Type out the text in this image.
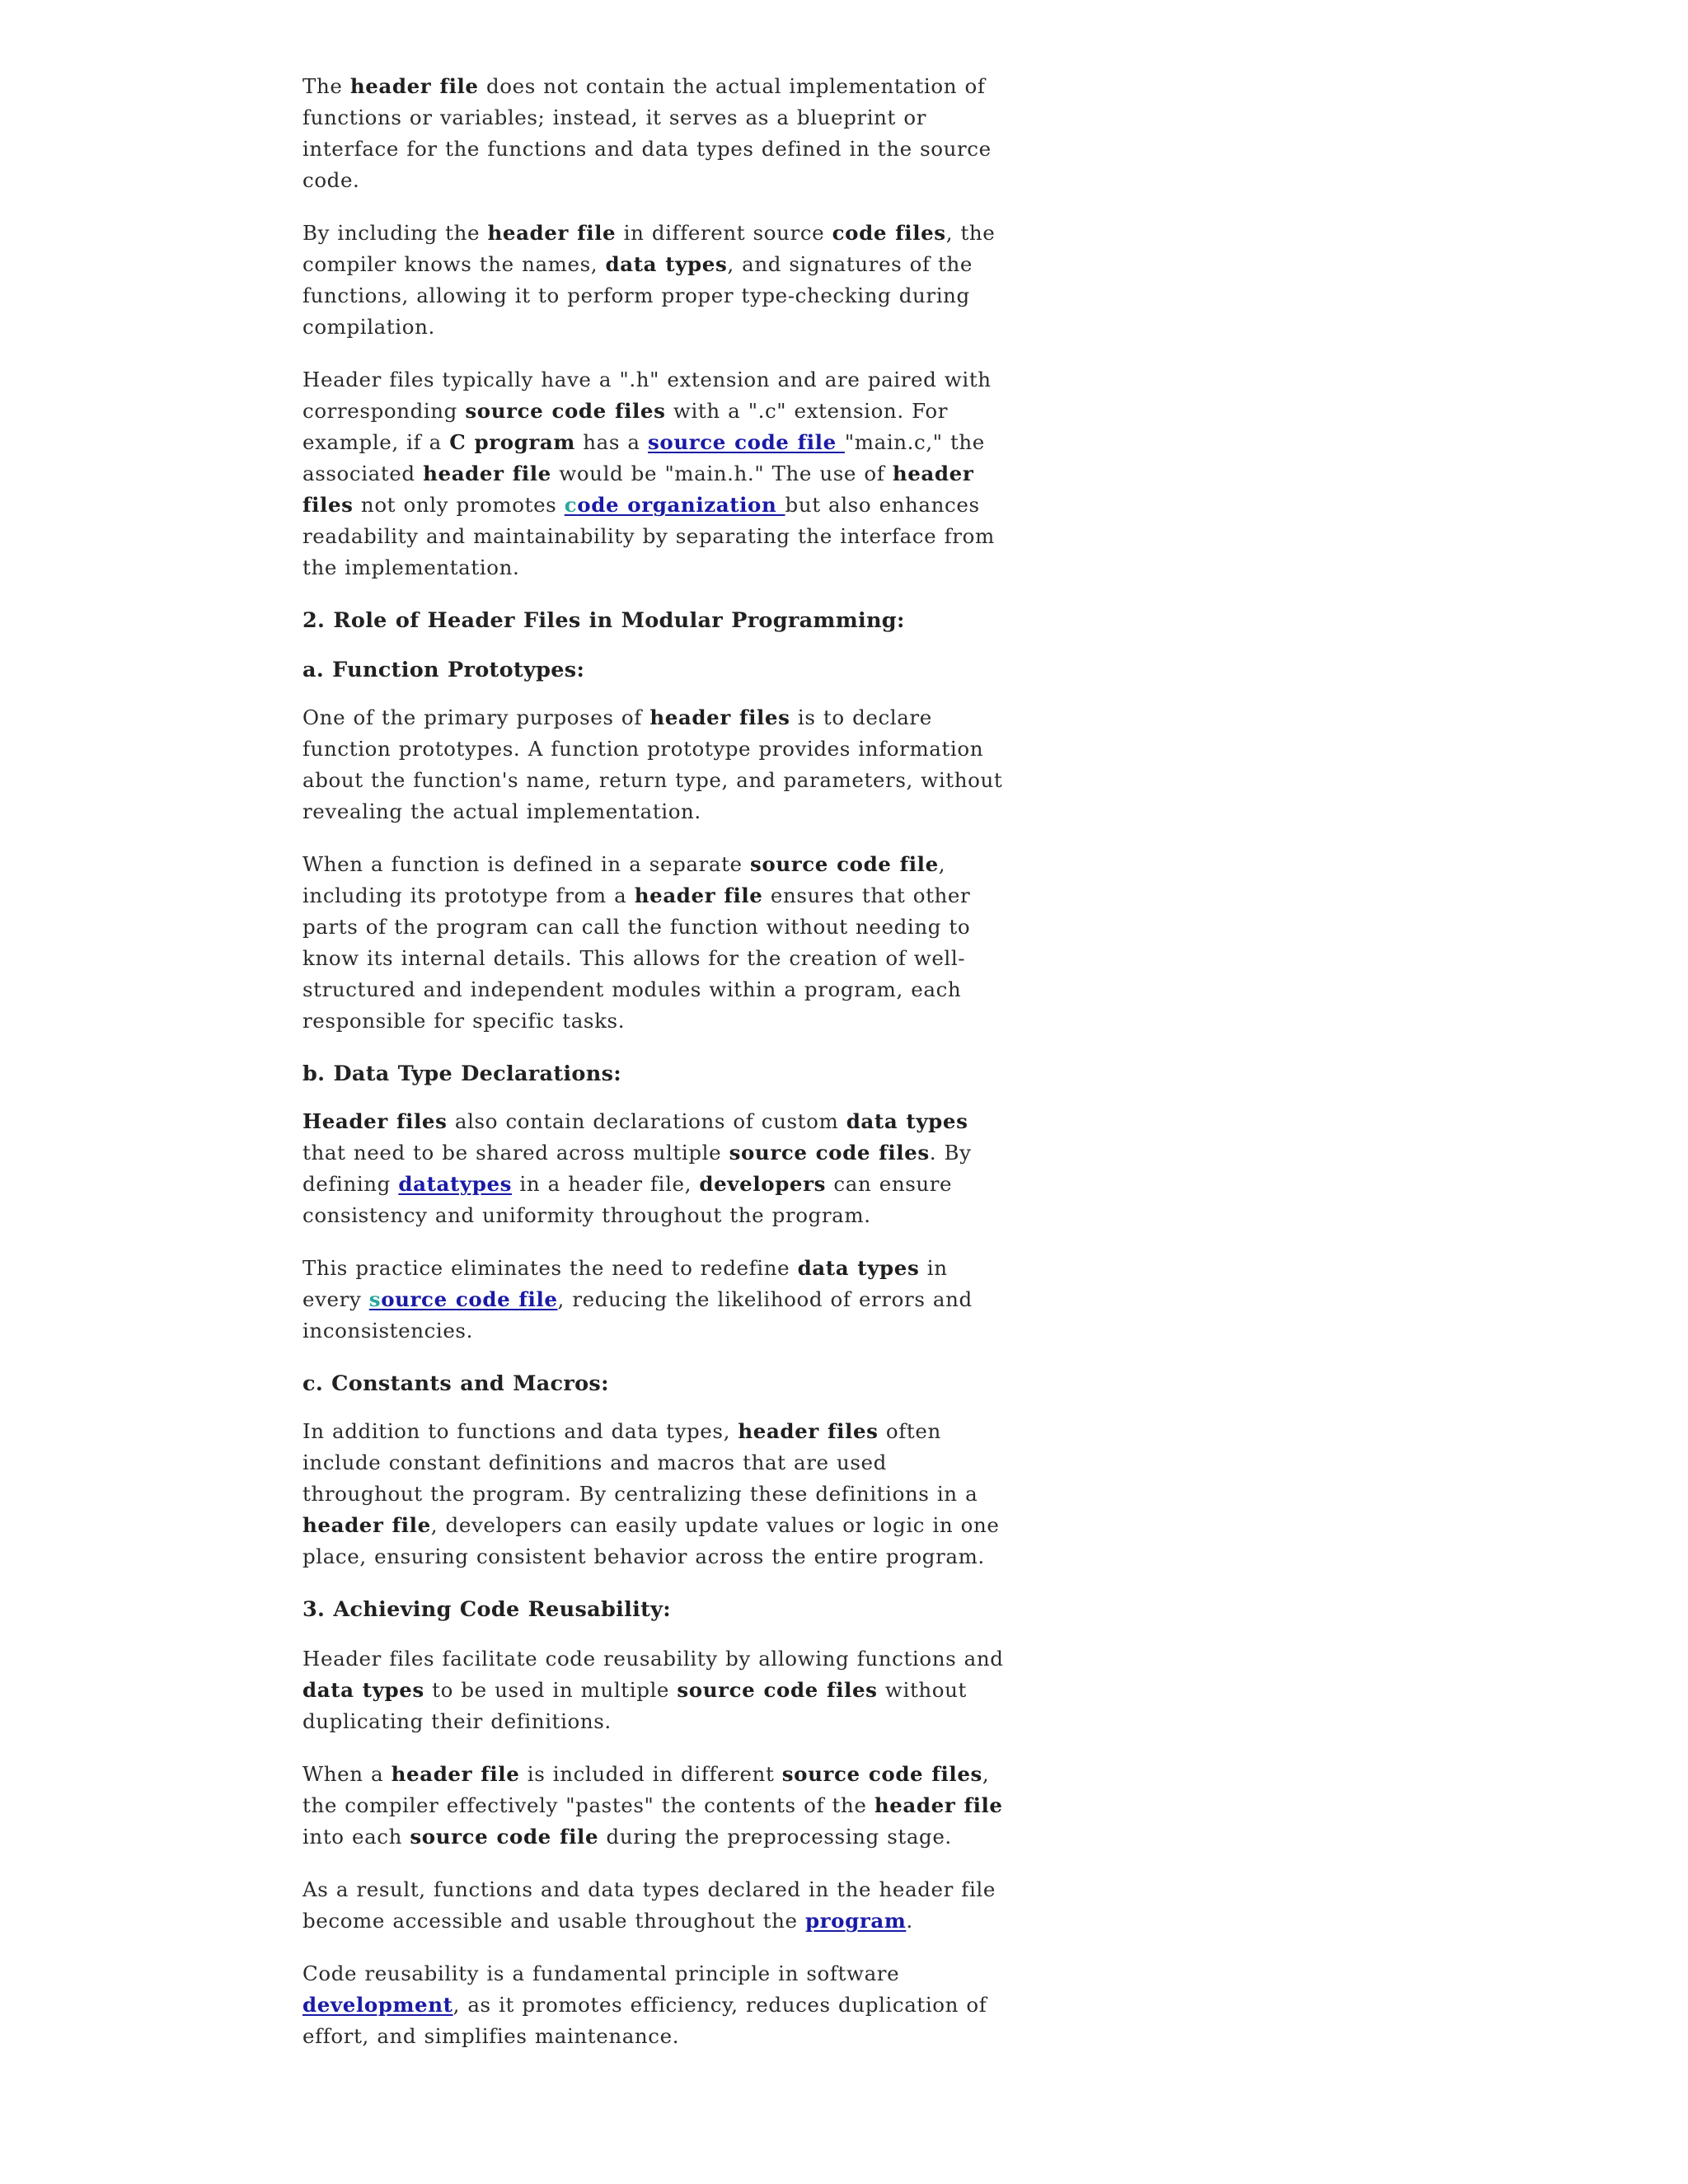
The header file does not contain the actual implementation of functions or variables; instead, it serves as a blueprint or interface for the functions and data types defined in the source code.

By including the header file in different source code files, the compiler knows the names, data types, and signatures of the functions, allowing it to perform proper type-checking during compilation.

Header files typically have a ".h" extension and are paired with corresponding source code files with a ".c" extension. For example, if a C program has a source code file "main.c," the associated header file would be "main.h." The use of header files not only promotes code organization but also enhances readability and maintainability by separating the interface from the implementation.

2. Role of Header Files in Modular Programming:
a. Function Prototypes:

One of the primary purposes of header files is to declare function prototypes. A function prototype provides information about the function's name, return type, and parameters, without revealing the actual implementation.

When a function is defined in a separate source code file, including its prototype from a header file ensures that other parts of the program can call the function without needing to know its internal details. This allows for the creation of well-structured and independent modules within a program, each responsible for specific tasks.

b. Data Type Declarations:

Header files also contain declarations of custom data types that need to be shared across multiple source code files. By defining datatypes in a header file, developers can ensure consistency and uniformity throughout the program.

This practice eliminates the need to redefine data types in every source code file, reducing the likelihood of errors and inconsistencies.

c. Constants and Macros:

In addition to functions and data types, header files often include constant definitions and macros that are used throughout the program. By centralizing these definitions in a header file, developers can easily update values or logic in one place, ensuring consistent behavior across the entire program.

3. Achieving Code Reusability:

Header files facilitate code reusability by allowing functions and data types to be used in multiple source code files without duplicating their definitions.

When a header file is included in different source code files, the compiler effectively "pastes" the contents of the header file into each source code file during the preprocessing stage.

As a result, functions and data types declared in the header file become accessible and usable throughout the program.

Code reusability is a fundamental principle in software development, as it promotes efficiency, reduces duplication of effort, and simplifies maintenance.
